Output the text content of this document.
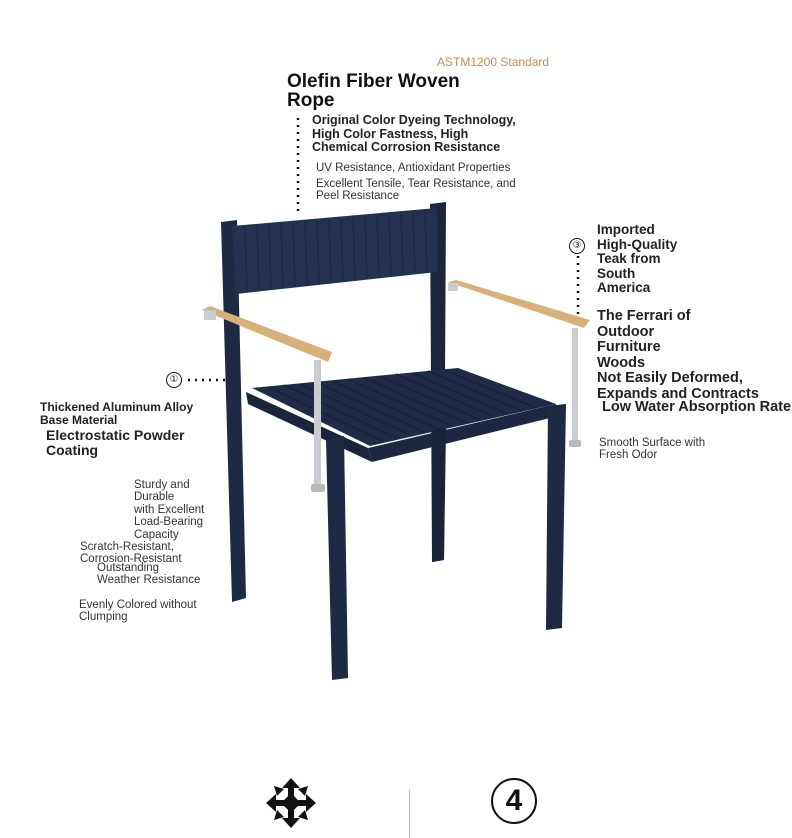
ASTM1200 Standard

Olefin Fiber Woven
Rope

Original Color Dyeing Technology,
High Color Fastness, High
Chemical Corrosion Resistance

UV Resistance, Antioxidant Properties

Excellent Tensile, Tear Resistance, and
Peel Resistance

①

Thickened Aluminum Alloy
Base Material

Electrostatic Powder
Coating

Sturdy and Durable
with Excellent
Load-Bearing
Capacity

Scratch-Resistant,
Corrosion-Resistant

Outstanding
Weather Resistance

Evenly Colored without
Clumping

③

Imported
High-Quality
Teak from
South
America

The Ferrari of
Outdoor
Furniture
Woods

Not Easily Deformed,
Expands and Contracts

Low Water Absorption Rate

Smooth Surface with
Fresh Odor

4
